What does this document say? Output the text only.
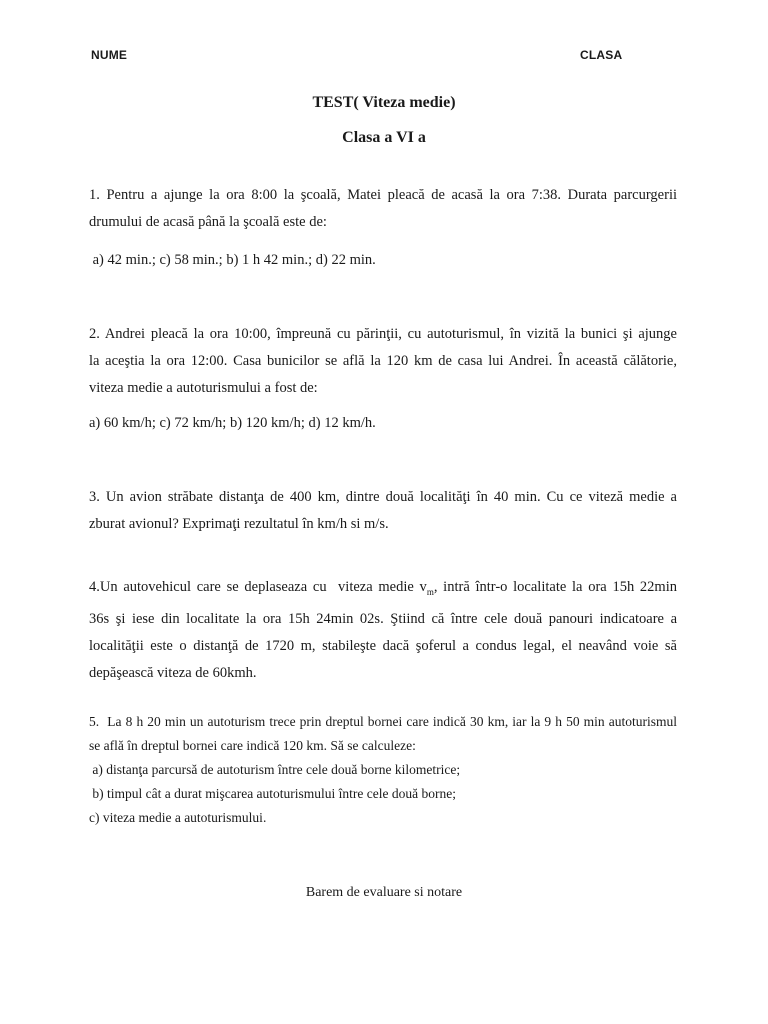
NUME	CLASA
TEST( Viteza medie)
Clasa a VI a
1. Pentru a ajunge la ora 8:00 la şcoală, Matei pleacă de acasă la ora 7:38. Durata parcurgerii
drumului de acasă până la şcoală este de:
a) 42 min.; c) 58 min.; b) 1 h 42 min.; d) 22 min.
2. Andrei pleacă la ora 10:00, împreună cu părinţii, cu autoturismul, în vizită la bunici şi ajunge
la aceştia la ora 12:00. Casa bunicilor se află la 120 km de casa lui Andrei. În această călătorie,
viteza medie a autoturismului a fost de:
a) 60 km/h; c) 72 km/h; b) 120 km/h; d) 12 km/h.
3. Un avion străbate distanţa de 400 km, dintre două localităţi în 40 min. Cu ce viteză medie a
zburat avionul? Exprimaţi rezultatul în km/h si m/s.
4.Un autovehicul care se deplaseaza cu  viteza medie $v_m$, intră într-o localitate la ora 15h 22min
36s şi iese din localitate la ora 15h 24min 02s. Ştiind că între cele două panouri indicatoare a
localităţii este o distanţă de 1720 m, stabileşte dacă şoferul a condus legal, el neavând voie să
depăşească viteza de 60kmh.
5.  La 8 h 20 min un autoturism trece prin dreptul bornei care indică 30 km, iar la 9 h 50 min autoturismul
se află în dreptul bornei care indică 120 km. Să se calculeze:
a) distanţa parcursă de autoturism între cele două borne kilometrice;
b) timpul cât a durat mişcarea autoturismului între cele două borne;
c) viteza medie a autoturismului.
Barem de evaluare si notare
